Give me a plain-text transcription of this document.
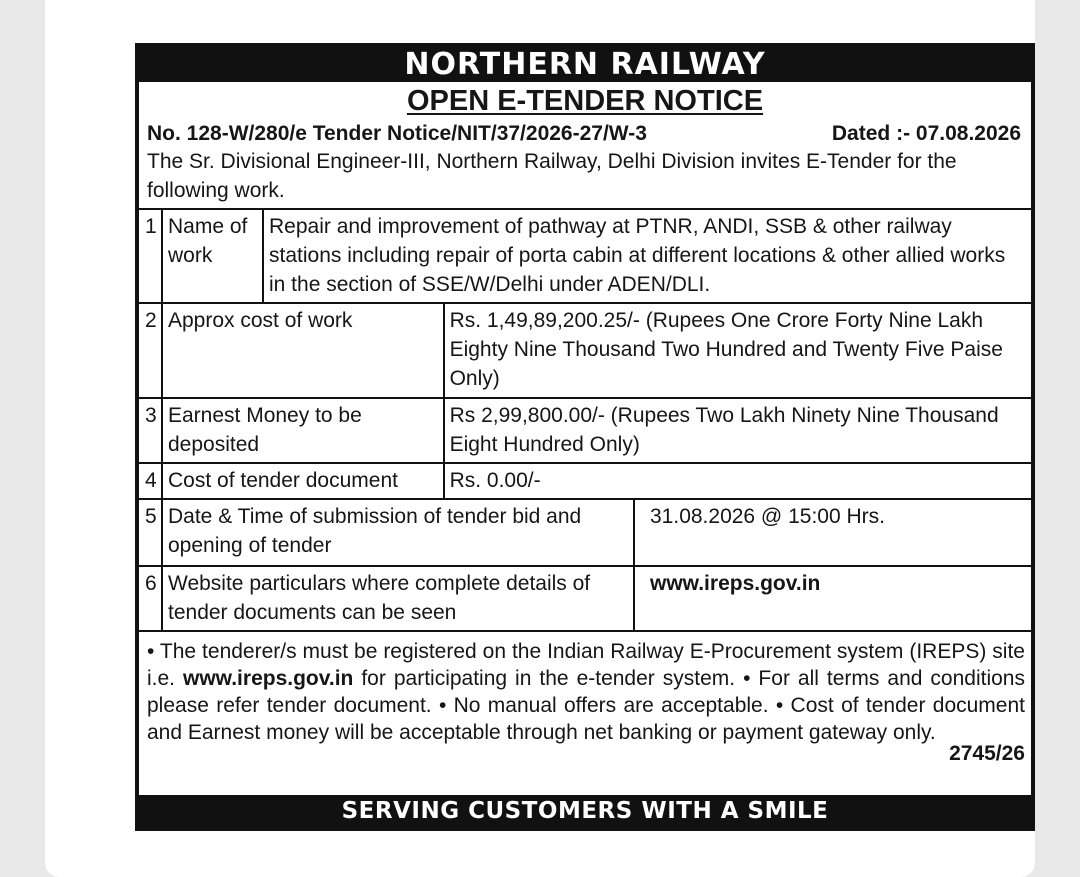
NORTHERN RAILWAY
OPEN E-TENDER NOTICE
No. 128-W/280/e Tender Notice/NIT/37/2026-27/W-3	Dated :- 07.08.2026
The Sr. Divisional Engineer-III, Northern Railway, Delhi Division invites E-Tender for the following work.
1	Name of work	Repair and improvement of pathway at PTNR, ANDI, SSB & other railway stations including repair of porta cabin at different locations & other allied works in the section of SSE/W/Delhi under ADEN/DLI.
2	Approx cost of work	Rs. 1,49,89,200.25/- (Rupees One Crore Forty Nine Lakh Eighty Nine Thousand Two Hundred and Twenty Five Paise Only)
3	Earnest Money to be deposited	Rs 2,99,800.00/- (Rupees Two Lakh Ninety Nine Thousand Eight Hundred Only)
4	Cost of tender document	Rs. 0.00/-
5	Date & Time of submission of tender bid and opening of tender	31.08.2026 @ 15:00 Hrs.

6	Website particulars where complete details of tender documents can be seen	www.ireps.gov.in
• The tenderer/s must be registered on the Indian Railway E-Procurement system (IREPS) site i.e. www.ireps.gov.in for participating in the e-tender system. • For all terms and conditions please refer tender document. • No manual offers are acceptable. • Cost of tender document and Earnest money will be acceptable through net banking or payment gateway only.
2745/26
SERVING CUSTOMERS WITH A SMILE
